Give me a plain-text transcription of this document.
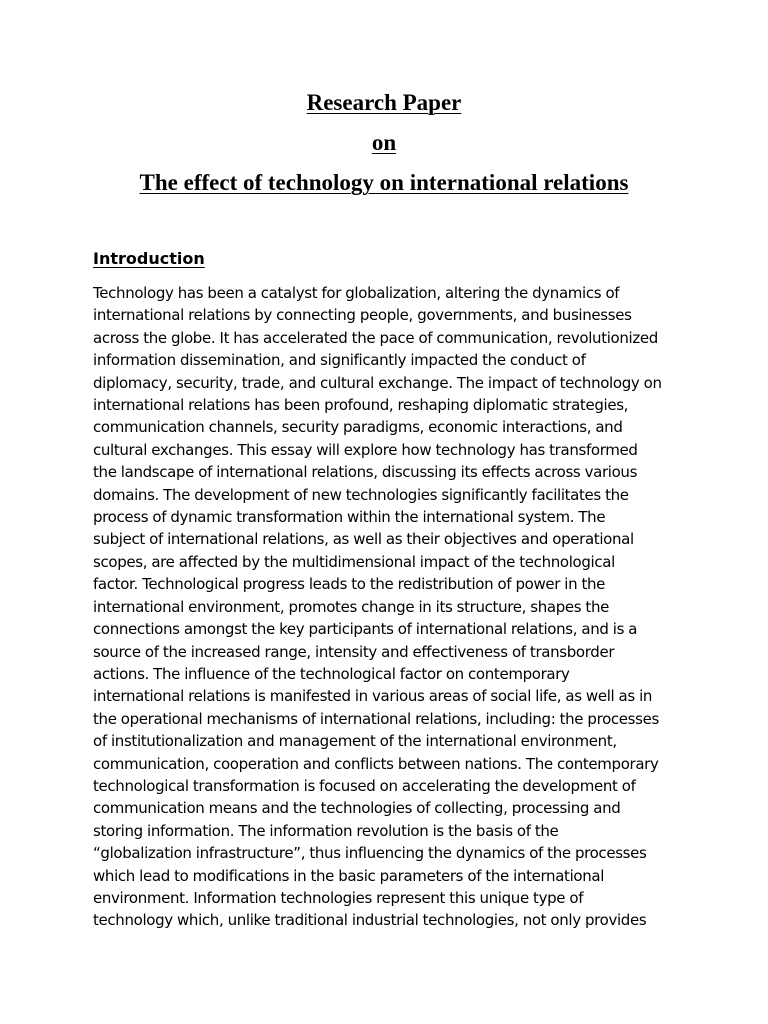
Research Paper
on
The effect of technology on international relations
Introduction
Technology has been a catalyst for globalization, altering the dynamics of
international relations by connecting people, governments, and businesses
across the globe. It has accelerated the pace of communication, revolutionized
information dissemination, and significantly impacted the conduct of
diplomacy, security, trade, and cultural exchange. The impact of technology on
international relations has been profound, reshaping diplomatic strategies,
communication channels, security paradigms, economic interactions, and
cultural exchanges. This essay will explore how technology has transformed
the landscape of international relations, discussing its effects across various
domains. The development of new technologies significantly facilitates the
process of dynamic transformation within the international system. The
subject of international relations, as well as their objectives and operational
scopes, are affected by the multidimensional impact of the technological
factor. Technological progress leads to the redistribution of power in the
international environment, promotes change in its structure, shapes the
connections amongst the key participants of international relations, and is a
source of the increased range, intensity and effectiveness of transborder
actions. The influence of the technological factor on contemporary
international relations is manifested in various areas of social life, as well as in
the operational mechanisms of international relations, including: the processes
of institutionalization and management of the international environment,
communication, cooperation and conflicts between nations. The contemporary
technological transformation is focused on accelerating the development of
communication means and the technologies of collecting, processing and
storing information. The information revolution is the basis of the
“globalization infrastructure”, thus influencing the dynamics of the processes
which lead to modifications in the basic parameters of the international
environment. Information technologies represent this unique type of
technology which, unlike traditional industrial technologies, not only provides
